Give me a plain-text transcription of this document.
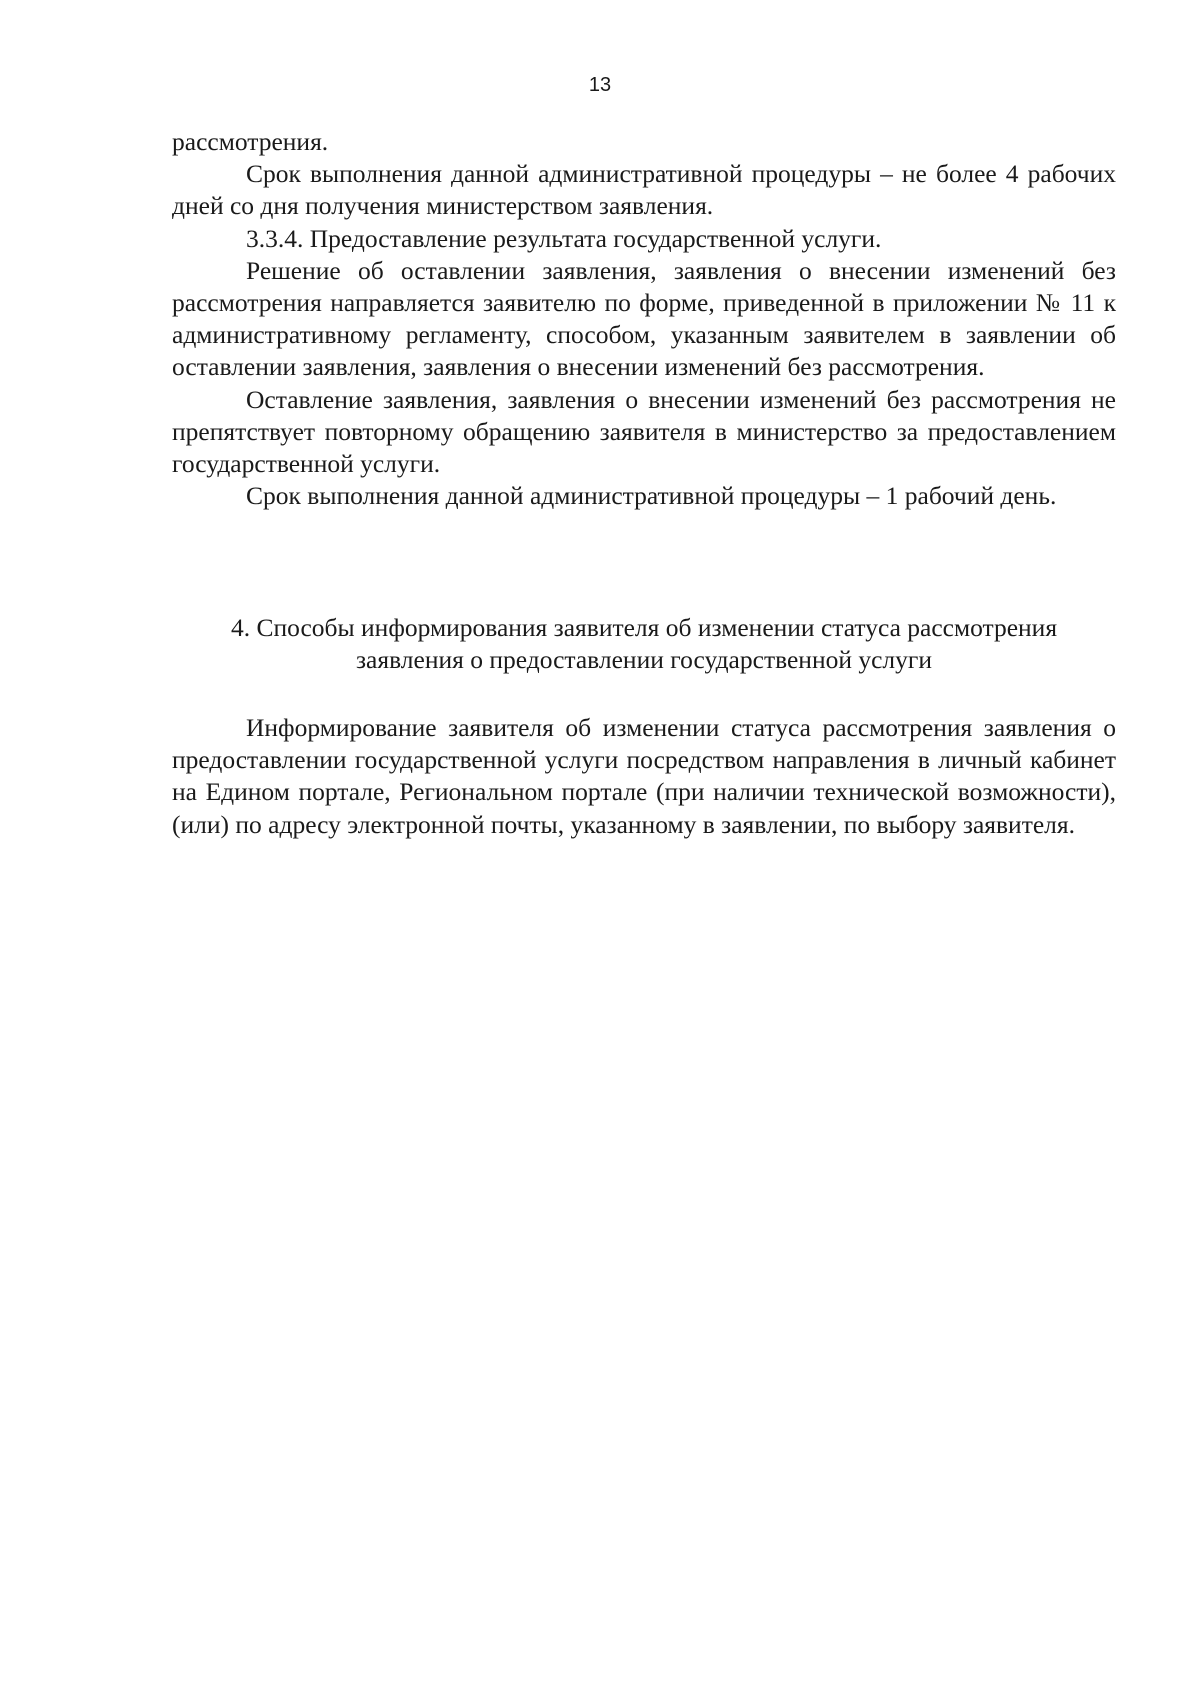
13

рассмотрения.

Срок выполнения данной административной процедуры – не более 4 рабочих дней со дня получения министерством заявления.

3.3.4. Предоставление результата государственной услуги.

Решение об оставлении заявления, заявления о внесении изменений без рассмотрения направляется заявителю по форме, приведенной в приложении № 11 к административному регламенту, способом, указанным заявителем в заявлении об оставлении заявления, заявления о внесении изменений без рассмотрения.

Оставление заявления, заявления о внесении изменений без рассмотрения не препятствует повторному обращению заявителя в министерство за предоставлением государственной услуги.

Срок выполнения данной административной процедуры – 1 рабочий день.

4. Способы информирования заявителя об изменении статуса рассмотрения
заявления о предоставлении государственной услуги

Информирование заявителя об изменении статуса рассмотрения заявления о предоставлении государственной услуги посредством направления в личный кабинет на Едином портале, Региональном портале (при наличии технической возможности), (или) по адресу электронной почты, указанному в заявлении, по выбору заявителя.
